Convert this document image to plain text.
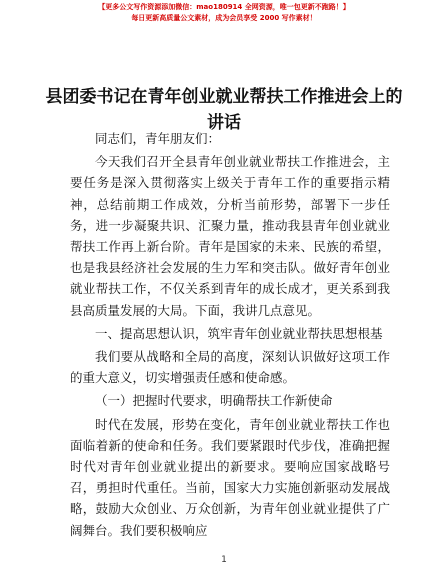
【更多公文写作资源添加微信：mao180914 全网资源，唯一包更新不跑路！】
每日更新高质量公文素材，成为会员享受 2000 写作素材！
县团委书记在青年创业就业帮扶工作推进会上的讲话

同志们，青年朋友们：

今天我们召开全县青年创业就业帮扶工作推进会，主要任务是深入贯彻落实上级关于青年工作的重要指示精神，总结前期工作成效，分析当前形势，部署下一步任务，进一步凝聚共识、汇聚力量，推动我县青年创业就业帮扶工作再上新台阶。青年是国家的未来、民族的希望，也是我县经济社会发展的生力军和突击队。做好青年创业就业帮扶工作，不仅关系到青年的成长成才，更关系到我县高质量发展的大局。下面，我讲几点意见。

一、提高思想认识，筑牢青年创业就业帮扶思想根基

我们要从战略和全局的高度，深刻认识做好这项工作的重大意义，切实增强责任感和使命感。

（一）把握时代要求，明确帮扶工作新使命

时代在发展，形势在变化，青年创业就业帮扶工作也面临着新的使命和任务。我们要紧跟时代步伐，准确把握时代对青年创业就业提出的新要求。要响应国家战略号召，勇担时代重任。当前，国家大力实施创新驱动发展战略，鼓励大众创业、万众创新，为青年创业就业提供了广阔舞台。我们要积极响应

1
